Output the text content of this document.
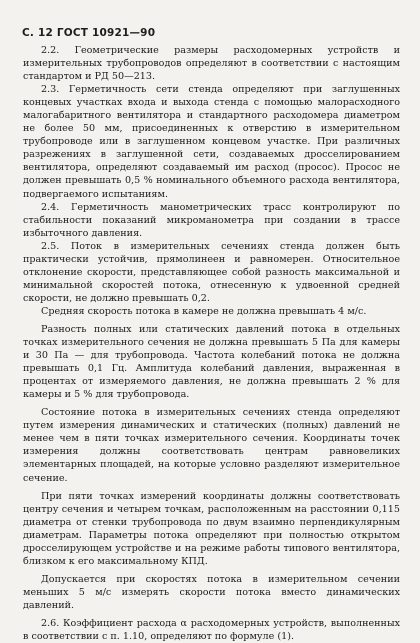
С. 12 ГОСТ 10921—90

2.2. Геометрические размеры расходомерных устройств и измерительных трубопроводов определяют в соответствии с настоящим стандартом и РД 50—213.

2.3. Герметичность сети стенда определяют при заглушенных концевых участках входа и выхода стенда с помощью малорасходного малогабаритного вентилятора и стандартного расходомера диаметром не более 50 мм, присоединенных к отверстию в измерительном трубопроводе или в заглушенном концевом участке. При различных разрежениях в заглушенной сети, создаваемых дросселированием вентилятора, определяют создаваемый им расход (просос). Просос не должен превышать 0,5 % номинального объемного расхода вентилятора, подвергаемого испытаниям.

2.4. Герметичность манометрических трасс контролируют по стабильности показаний микроманометра при создании в трассе избыточного давления.

2.5. Поток в измерительных сечениях стенда должен быть практически устойчив, прямолинеен и равномерен. Относительное отклонение скорости, представляющее собой разность максимальной и минимальной скоростей потока, отнесенную к удвоенной средней скорости, не должно превышать 0,2.

Средняя скорость потока в камере не должна превышать 4 м/с.

Разность полных или статических давлений потока в отдельных точках измерительного сечения не должна превышать 5 Па для камеры и 30 Па — для трубопровода. Частота колебаний потока не должна превышать 0,1 Гц. Амплитуда колебаний давления, выраженная в процентах от измеряемого давления, не должна превышать 2 % для камеры и 5 % для трубопровода.

Состояние потока в измерительных сечениях стенда определяют путем измерения динамических и статических (полных) давлений не менее чем в пяти точках измерительного сечения. Координаты точек измерения должны соответствовать центрам равновеликих элементарных площадей, на которые условно разделяют измерительное сечение.

При пяти точках измерений координаты должны соответствовать центру сечения и четырем точкам, расположенным на расстоянии 0,115 диаметра от стенки трубопровода по двум взаимно перпендикулярным диаметрам. Параметры потока определяют при полностью открытом дросселирующем устройстве и на режиме работы типового вентилятора, близком к его максимальному КПД.

Допускается при скоростях потока в измерительном сечении меньших 5 м/с измерять скорости потока вместо динамических давлений.

2.6. Коэффициент расхода α расходомерных устройств, выполненных в соответствии с п. 1.10, определяют по формуле (1).
